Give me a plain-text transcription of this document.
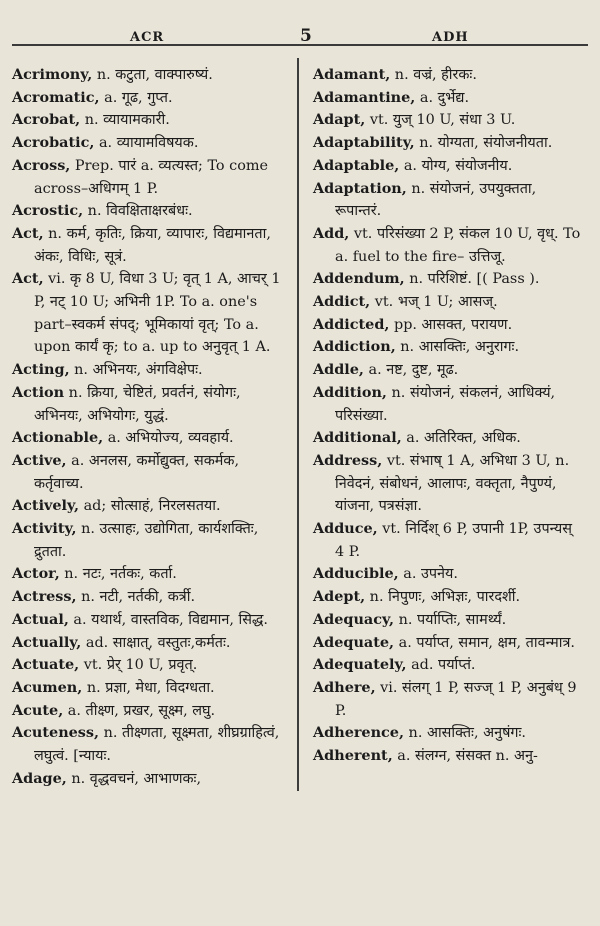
ACR	5	ADH

Acrimony, n. कटुता, वाक्पारुष्यं.

Acromatic, a. गूढ, गुप्त.

Acrobat, n. व्यायामकारी.

Acrobatic, a. व्यायामविषयक.

Across, Prep. पारं a. व्यत्यस्त; To come across–अधिगम् 1 P.

Acrostic, n. विवक्षिताक्षरबंधः.

Act, n. कर्म, कृतिः, क्रिया, व्यापारः, विद्यमानता, अंकः, विधिः, सूत्रं.

Act, vi. कृ 8 U, विधा 3 U; वृत् 1 A, आचर् 1 P, नट् 10 U; अभिनी 1P. To a. one's part–स्वकर्म संपद्; भूमिकायां वृत्; To a. upon कार्यं कृ; to a. up to अनुवृत् 1 A.

Acting, n. अभिनयः, अंगविक्षेपः.

Action n. क्रिया, चेष्टितं, प्रवर्तनं, संयोगः, अभिनयः, अभियोगः, युद्धं.

Actionable, a. अभियोज्य, व्यवहार्य.

Active, a. अनलस, कर्मोद्युक्त, सकर्मक, कर्तृवाच्य.

Actively, ad; सोत्साहं, निरलसतया.

Activity, n. उत्साहः, उद्योगिता, कार्यशक्तिः, द्रुतता.

Actor, n. नटः, नर्तकः, कर्ता.

Actress, n. नटी, नर्तकी, कर्त्री.

Actual, a. यथार्थ, वास्तविक, विद्यमान, सिद्ध.

Actually, ad. साक्षात्, वस्तुतः,कर्मतः.

Actuate, vt. प्रेर् 10 U, प्रवृत्.

Acumen, n. प्रज्ञा, मेधा, विदग्धता.

Acute, a. तीक्ष्ण, प्रखर, सूक्ष्म, लघु.

Acuteness, n. तीक्ष्णता, सूक्ष्मता, शीघ्रग्राहित्वं, लघुत्वं. [न्यायः.

Adage, n. वृद्धवचनं, आभाणकः,

Adamant, n. वज्रं, हीरकः.

Adamantine, a. दुर्भेद्य.

Adapt, vt. युज् 10 U, संधा 3 U.

Adaptability, n. योग्यता, संयोजनीयता.

Adaptable, a. योग्य, संयोजनीय.

Adaptation, n. संयोजनं, उपयुक्तता, रूपान्तरं.

Add, vt. परिसंख्या 2 P, संकल 10 U, वृध्. To a. fuel to the fire– उत्तिजू.

Addendum, n. परिशिष्टं. [( Pass ).

Addict, vt. भज् 1 U; आसज्.

Addicted, pp. आसक्त, परायण.

Addiction, n. आसक्तिः, अनुरागः.

Addle, a. नष्ट, दुष्ट, मूढ.

Addition, n. संयोजनं, संकलनं, आधिक्यं, परिसंख्या.

Additional, a. अतिरिक्त, अधिक.

Address, vt. संभाष् 1 A, अभिधा 3 U, n. निवेदनं, संबोधनं, आलापः, वक्तृता, नैपुण्यं, यांजना, पत्रसंज्ञा.

Adduce, vt. निर्दिश् 6 P, उपानी 1P, उपन्यस् 4 P.

Adducible, a. उपनेय.

Adept, n. निपुणः, अभिज्ञः, पारदर्शी.

Adequacy, n. पर्याप्तिः, सामर्थ्यं.

Adequate, a. पर्याप्त, समान, क्षम, तावन्मात्र.

Adequately, ad. पर्याप्तं.

Adhere, vi. संलग् 1 P, सज्ज् 1 P, अनुबंध् 9 P.

Adherence, n. आसक्तिः, अनुषंगः.

Adherent, a. संलग्न, संसक्त n. अनु-
